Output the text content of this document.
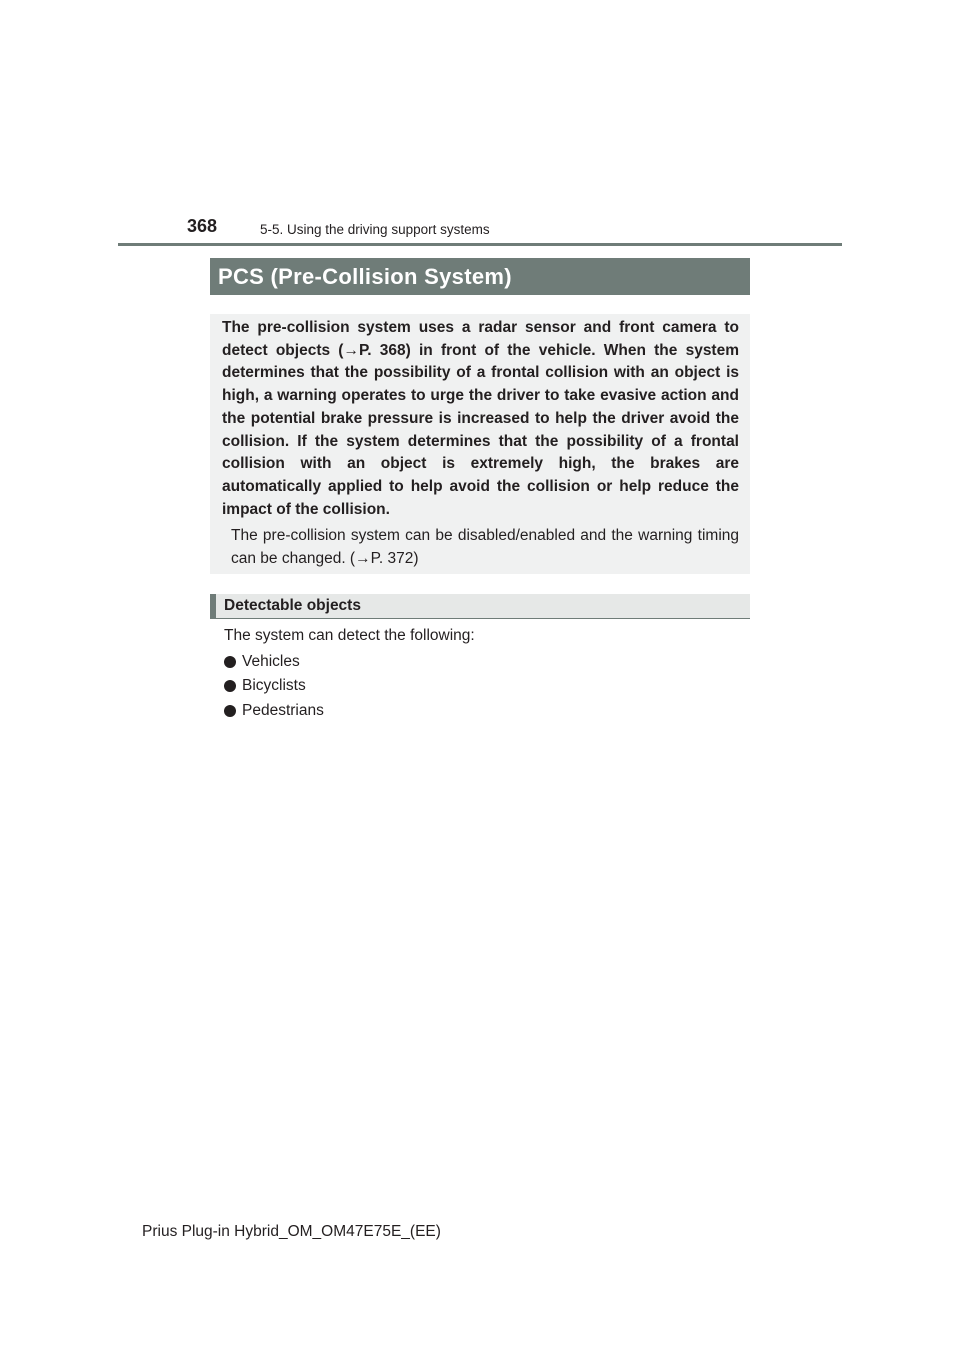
368	5-5. Using the driving support systems
PCS (Pre-Collision System)

The pre-collision system uses a radar sensor and front camera to detect objects (→P. 368) in front of the vehicle. When the system determines that the possibility of a frontal collision with an object is high, a warning operates to urge the driver to take evasive action and the potential brake pressure is increased to help the driver avoid the collision. If the system determines that the possibility of a frontal collision with an object is extremely high, the brakes are automatically applied to help avoid the collision or help reduce the impact of the collision.

The pre-collision system can be disabled/enabled and the warning timing can be changed. (→P. 372)

Detectable objects
The system can detect the following:
Vehicles
Bicyclists
Pedestrians
Prius Plug-in Hybrid_OM_OM47E75E_(EE)
